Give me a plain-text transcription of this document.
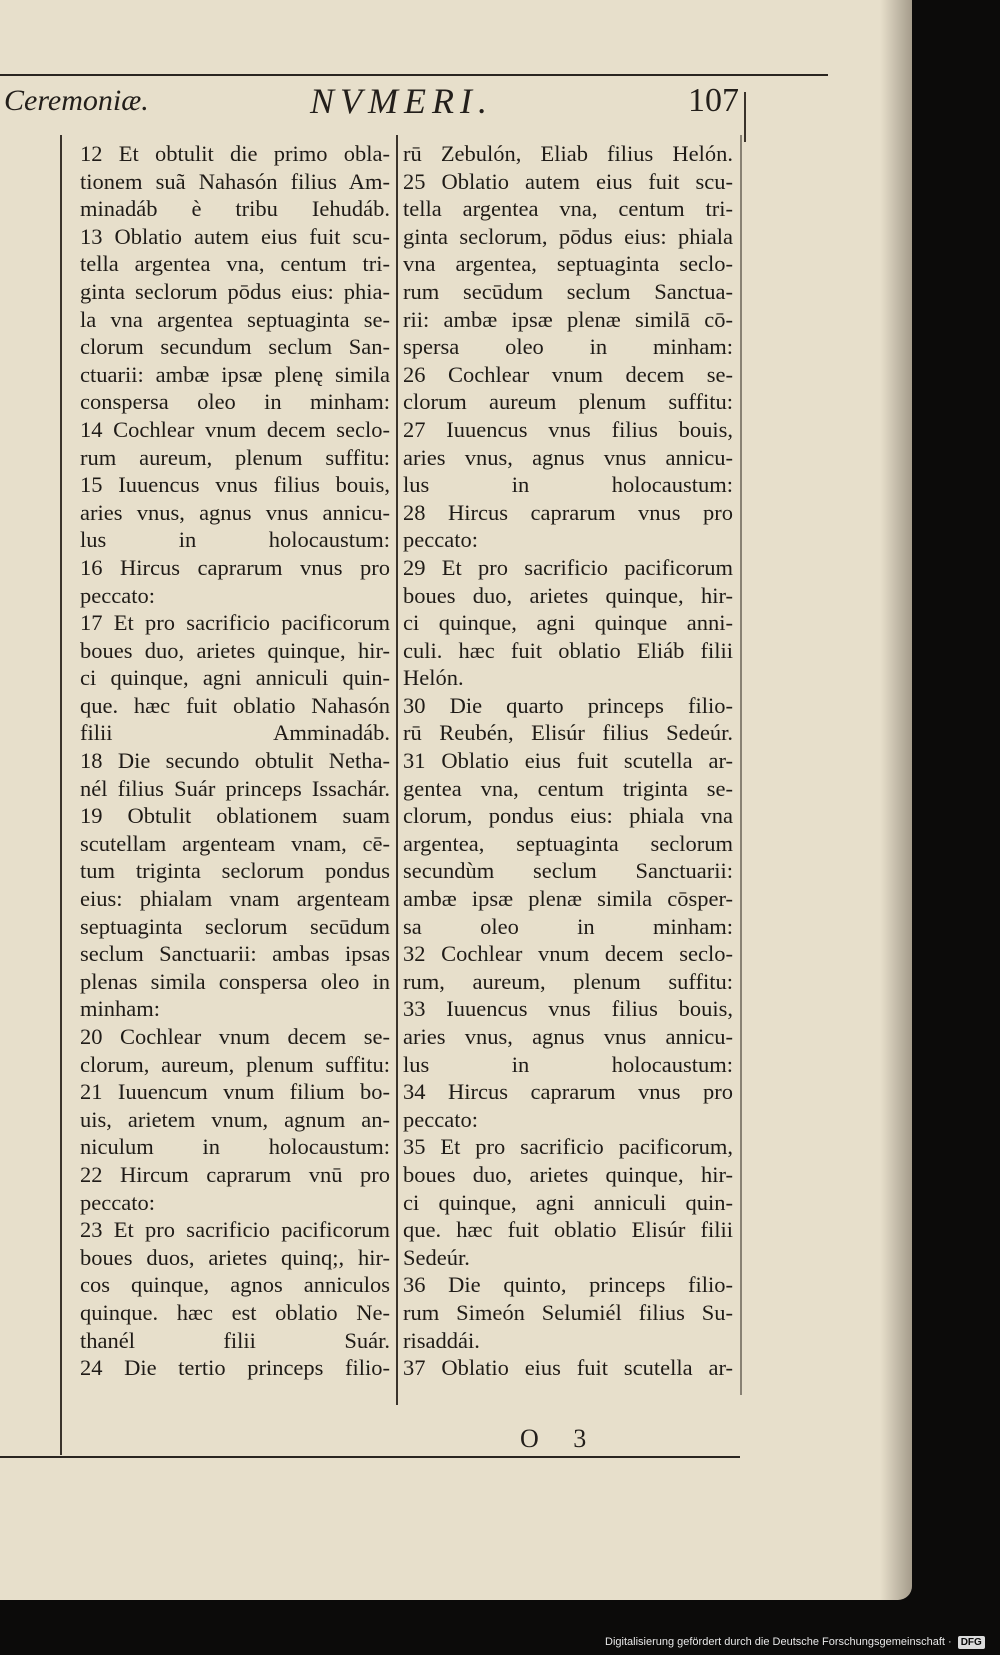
Ceremoniæ.	NVMERI.	107
12 Et obtulit die primo obla-
tionem suã Nahasón filius Am-
minadáb è tribu Iehudáb.
13 Oblatio autem eius fuit scu-
tella argentea vna, centum tri-
ginta seclorum pōdus eius: phia-
la vna argentea septuaginta se-
clorum secundum seclum San-
ctuarii: ambæ ipsæ plenę simila
conspersa oleo in minham:
14 Cochlear vnum decem seclo-
rum aureum, plenum suffitu:
15 Iuuencus vnus filius bouis,
aries vnus, agnus vnus annicu-
lus in holocaustum:
16 Hircus caprarum vnus pro
peccato:
17 Et pro sacrificio pacificorum
boues duo, arietes quinque, hir-
ci quinque, agni anniculi quin-
que. hæc fuit oblatio Nahasón
filii Amminadáb.
18 Die secundo obtulit Netha-
nél filius Suár princeps Issachár.
19 Obtulit oblationem suam
scutellam argenteam vnam, cē-
tum triginta seclorum pondus
eius: phialam vnam argenteam
septuaginta seclorum secūdum
seclum Sanctuarii: ambas ipsas
plenas simila conspersa oleo in
minham:
20 Cochlear vnum decem se-
clorum, aureum, plenum suffitu:
21 Iuuencum vnum filium bo-
uis, arietem vnum, agnum an-
niculum in holocaustum:
22 Hircum caprarum vnū pro
peccato:
23 Et pro sacrificio pacificorum
boues duos, arietes quinq;, hir-
cos quinque, agnos anniculos
quinque. hæc est oblatio Ne-
thanél filii Suár.
24 Die tertio princeps filio-
rū Zebulón, Eliab filius Helón.
25 Oblatio autem eius fuit scu-
tella argentea vna, centum tri-
ginta seclorum, pōdus eius: phiala
vna argentea, septuaginta seclo-
rum secūdum seclum Sanctua-
rii: ambæ ipsæ plenæ similā cō-
spersa oleo in minham:
26 Cochlear vnum decem se-
clorum aureum plenum suffitu:
27 Iuuencus vnus filius bouis,
aries vnus, agnus vnus annicu-
lus in holocaustum:
28 Hircus caprarum vnus pro
peccato:
29 Et pro sacrificio pacificorum
boues duo, arietes quinque, hir-
ci quinque, agni quinque anni-
culi. hæc fuit oblatio Eliáb filii
Helón.
30 Die quarto princeps filio-
rū Reubén, Elisúr filius Sedeúr.
31 Oblatio eius fuit scutella ar-
gentea vna, centum triginta se-
clorum, pondus eius: phiala vna
argentea, septuaginta seclorum
secundùm seclum Sanctuarii:
ambæ ipsæ plenæ simila cōsper-
sa oleo in minham:
32 Cochlear vnum decem seclo-
rum, aureum, plenum suffitu:
33 Iuuencus vnus filius bouis,
aries vnus, agnus vnus annicu-
lus in holocaustum:
34 Hircus caprarum vnus pro
peccato:
35 Et pro sacrificio pacificorum,
boues duo, arietes quinque, hir-
ci quinque, agni anniculi quin-
que. hæc fuit oblatio Elisúr filii
Sedeúr.
36 Die quinto, princeps filio-
rum Simeón Selumiél filius Su-
risaddái.
37 Oblatio eius fuit scutella ar-
O 3
Digitalisierung gefördert durch die Deutsche Forschungsgemeinschaft · DFG
